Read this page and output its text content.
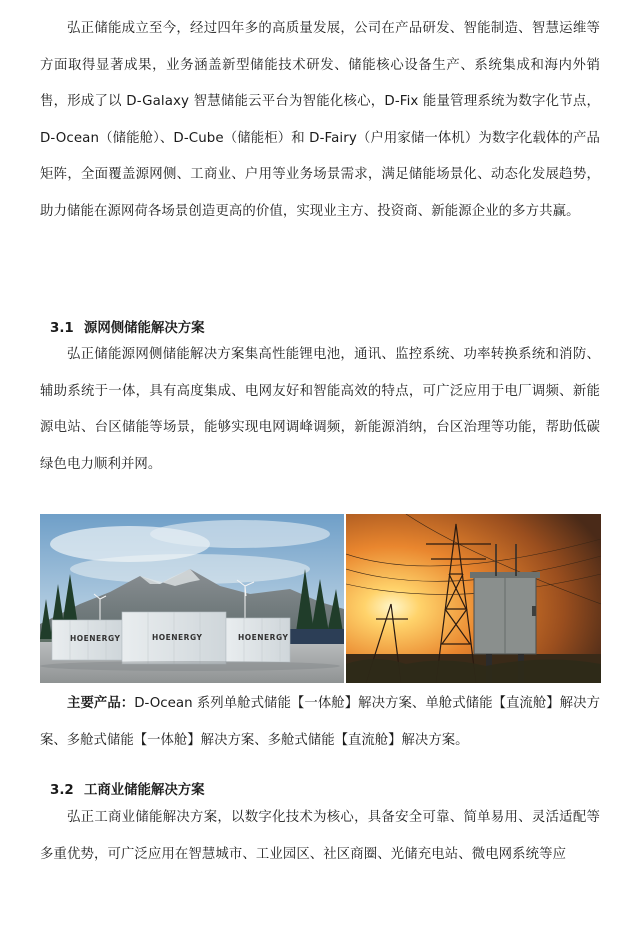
弘正储能成立至今，经过四年多的高质量发展，公司在产品研发、智能制造、智慧运维等方面取得显著成果，业务涵盖新型储能技术研发、储能核心设备生产、系统集成和海内外销售，形成了以 D-Galaxy 智慧储能云平台为智能化核心，D-Fix 能量管理系统为数字化节点，D-Ocean（储能舱）、D-Cube（储能柜）和 D-Fairy（户用家储一体机）为数字化载体的产品矩阵，全面覆盖源网侧、工商业、户用等业务场景需求，满足储能场景化、动态化发展趋势，助力储能在源网荷各场景创造更高的价值，实现业主方、投资商、新能源企业的多方共赢。

3.1 源网侧储能解决方案

弘正储能源网侧储能解决方案集高性能锂电池，通讯、监控系统、功率转换系统和消防、辅助系统于一体，具有高度集成、电网友好和智能高效的特点，可广泛应用于电厂调频、新能源电站、台区储能等场景，能够实现电网调峰调频，新能源消纳，台区治理等功能，帮助低碳绿色电力顺利并网。

HOENERGY	HOENERGY	HOENERGY

主要产品：D-Ocean 系列单舱式储能【一体舱】解决方案、单舱式储能【直流舱】解决方案、多舱式储能【一体舱】解决方案、多舱式储能【直流舱】解决方案。

3.2 工商业储能解决方案

弘正工商业储能解决方案，以数字化技术为核心，具备安全可靠、简单易用、灵活适配等多重优势，可广泛应用在智慧城市、工业园区、社区商圈、光储充电站、微电网系统等应
